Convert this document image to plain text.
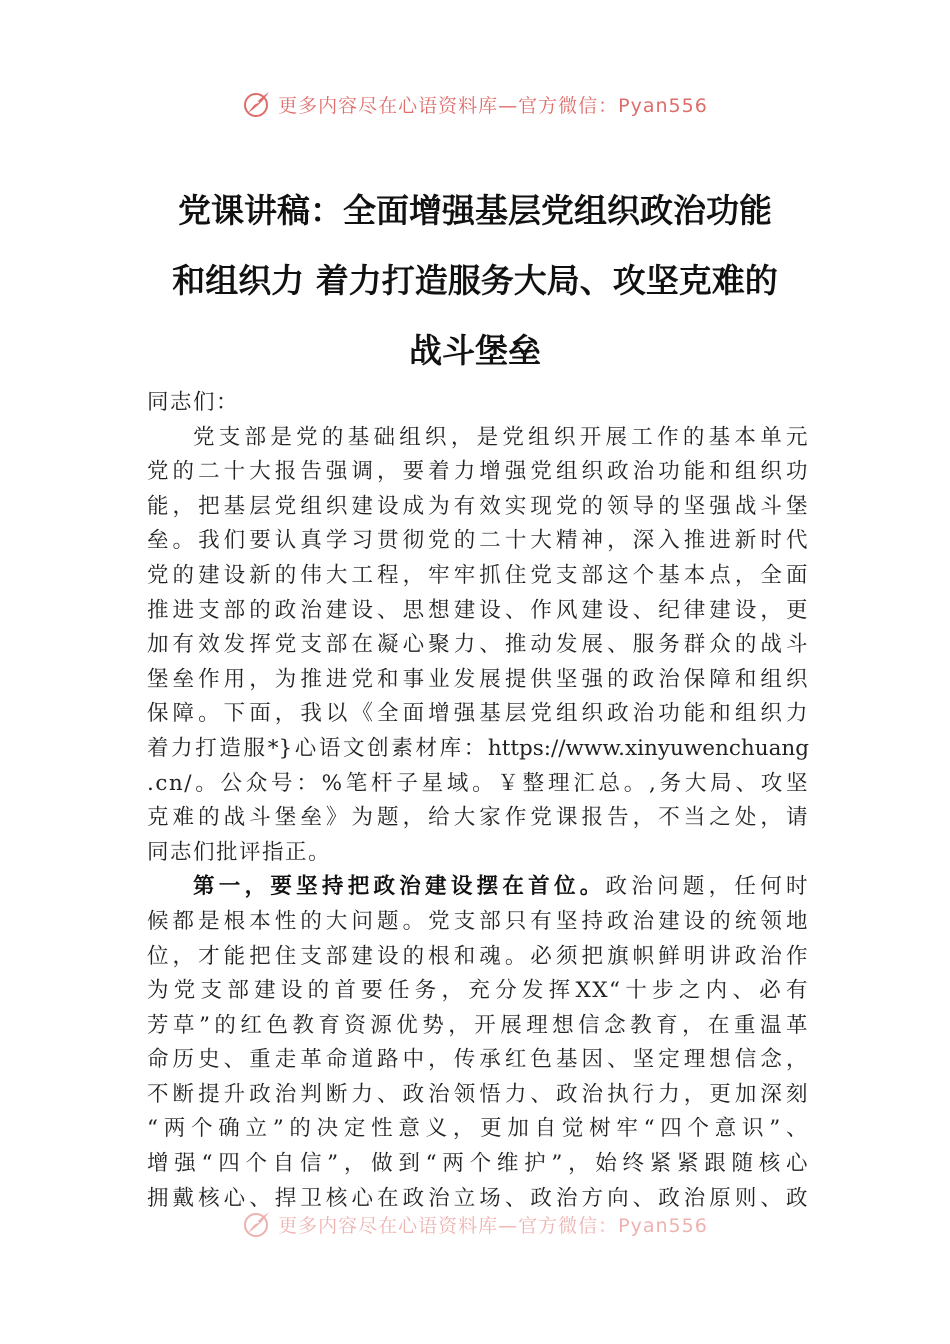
更多内容尽在心语资料库—官方微信：Pyan556
党课讲稿：全面增强基层党组织政治功能
和组织力 着力打造服务大局、攻坚克难的
战斗堡垒
同志们：
党支部是党的基础组织，是党组织开展工作的基本单元
党的二十大报告强调，要着力增强党组织政治功能和组织功
能，把基层党组织建设成为有效实现党的领导的坚强战斗堡
垒。我们要认真学习贯彻党的二十大精神，深入推进新时代
党的建设新的伟大工程，牢牢抓住党支部这个基本点，全面
推进支部的政治建设、思想建设、作风建设、纪律建设，更
加有效发挥党支部在凝心聚力、推动发展、服务群众的战斗
堡垒作用，为推进党和事业发展提供坚强的政治保障和组织
保障。下面，我以《全面增强基层党组织政治功能和组织力
着力打造服*}心语文创素材库：https://www.xinyuwenchuang
.cn/。公众号：%笔杆子星域。￥整理汇总。,务大局、攻坚
克难的战斗堡垒》为题，给大家作党课报告，不当之处，请
同志们批评指正。
第一，要坚持把政治建设摆在首位。政治问题，任何时
候都是根本性的大问题。党支部只有坚持政治建设的统领地
位，才能把住支部建设的根和魂。必须把旗帜鲜明讲政治作
为党支部建设的首要任务，充分发挥XX“十步之内、必有
芳草”的红色教育资源优势，开展理想信念教育，在重温革
命历史、重走革命道路中，传承红色基因、坚定理想信念，
不断提升政治判断力、政治领悟力、政治执行力，更加深刻
“两个确立”的决定性意义，更加自觉树牢“四个意识”、
增强“四个自信”，做到“两个维护”，始终紧紧跟随核心
拥戴核心、捍卫核心在政治立场、政治方向、政治原则、政
更多内容尽在心语资料库—官方微信：Pyan556
